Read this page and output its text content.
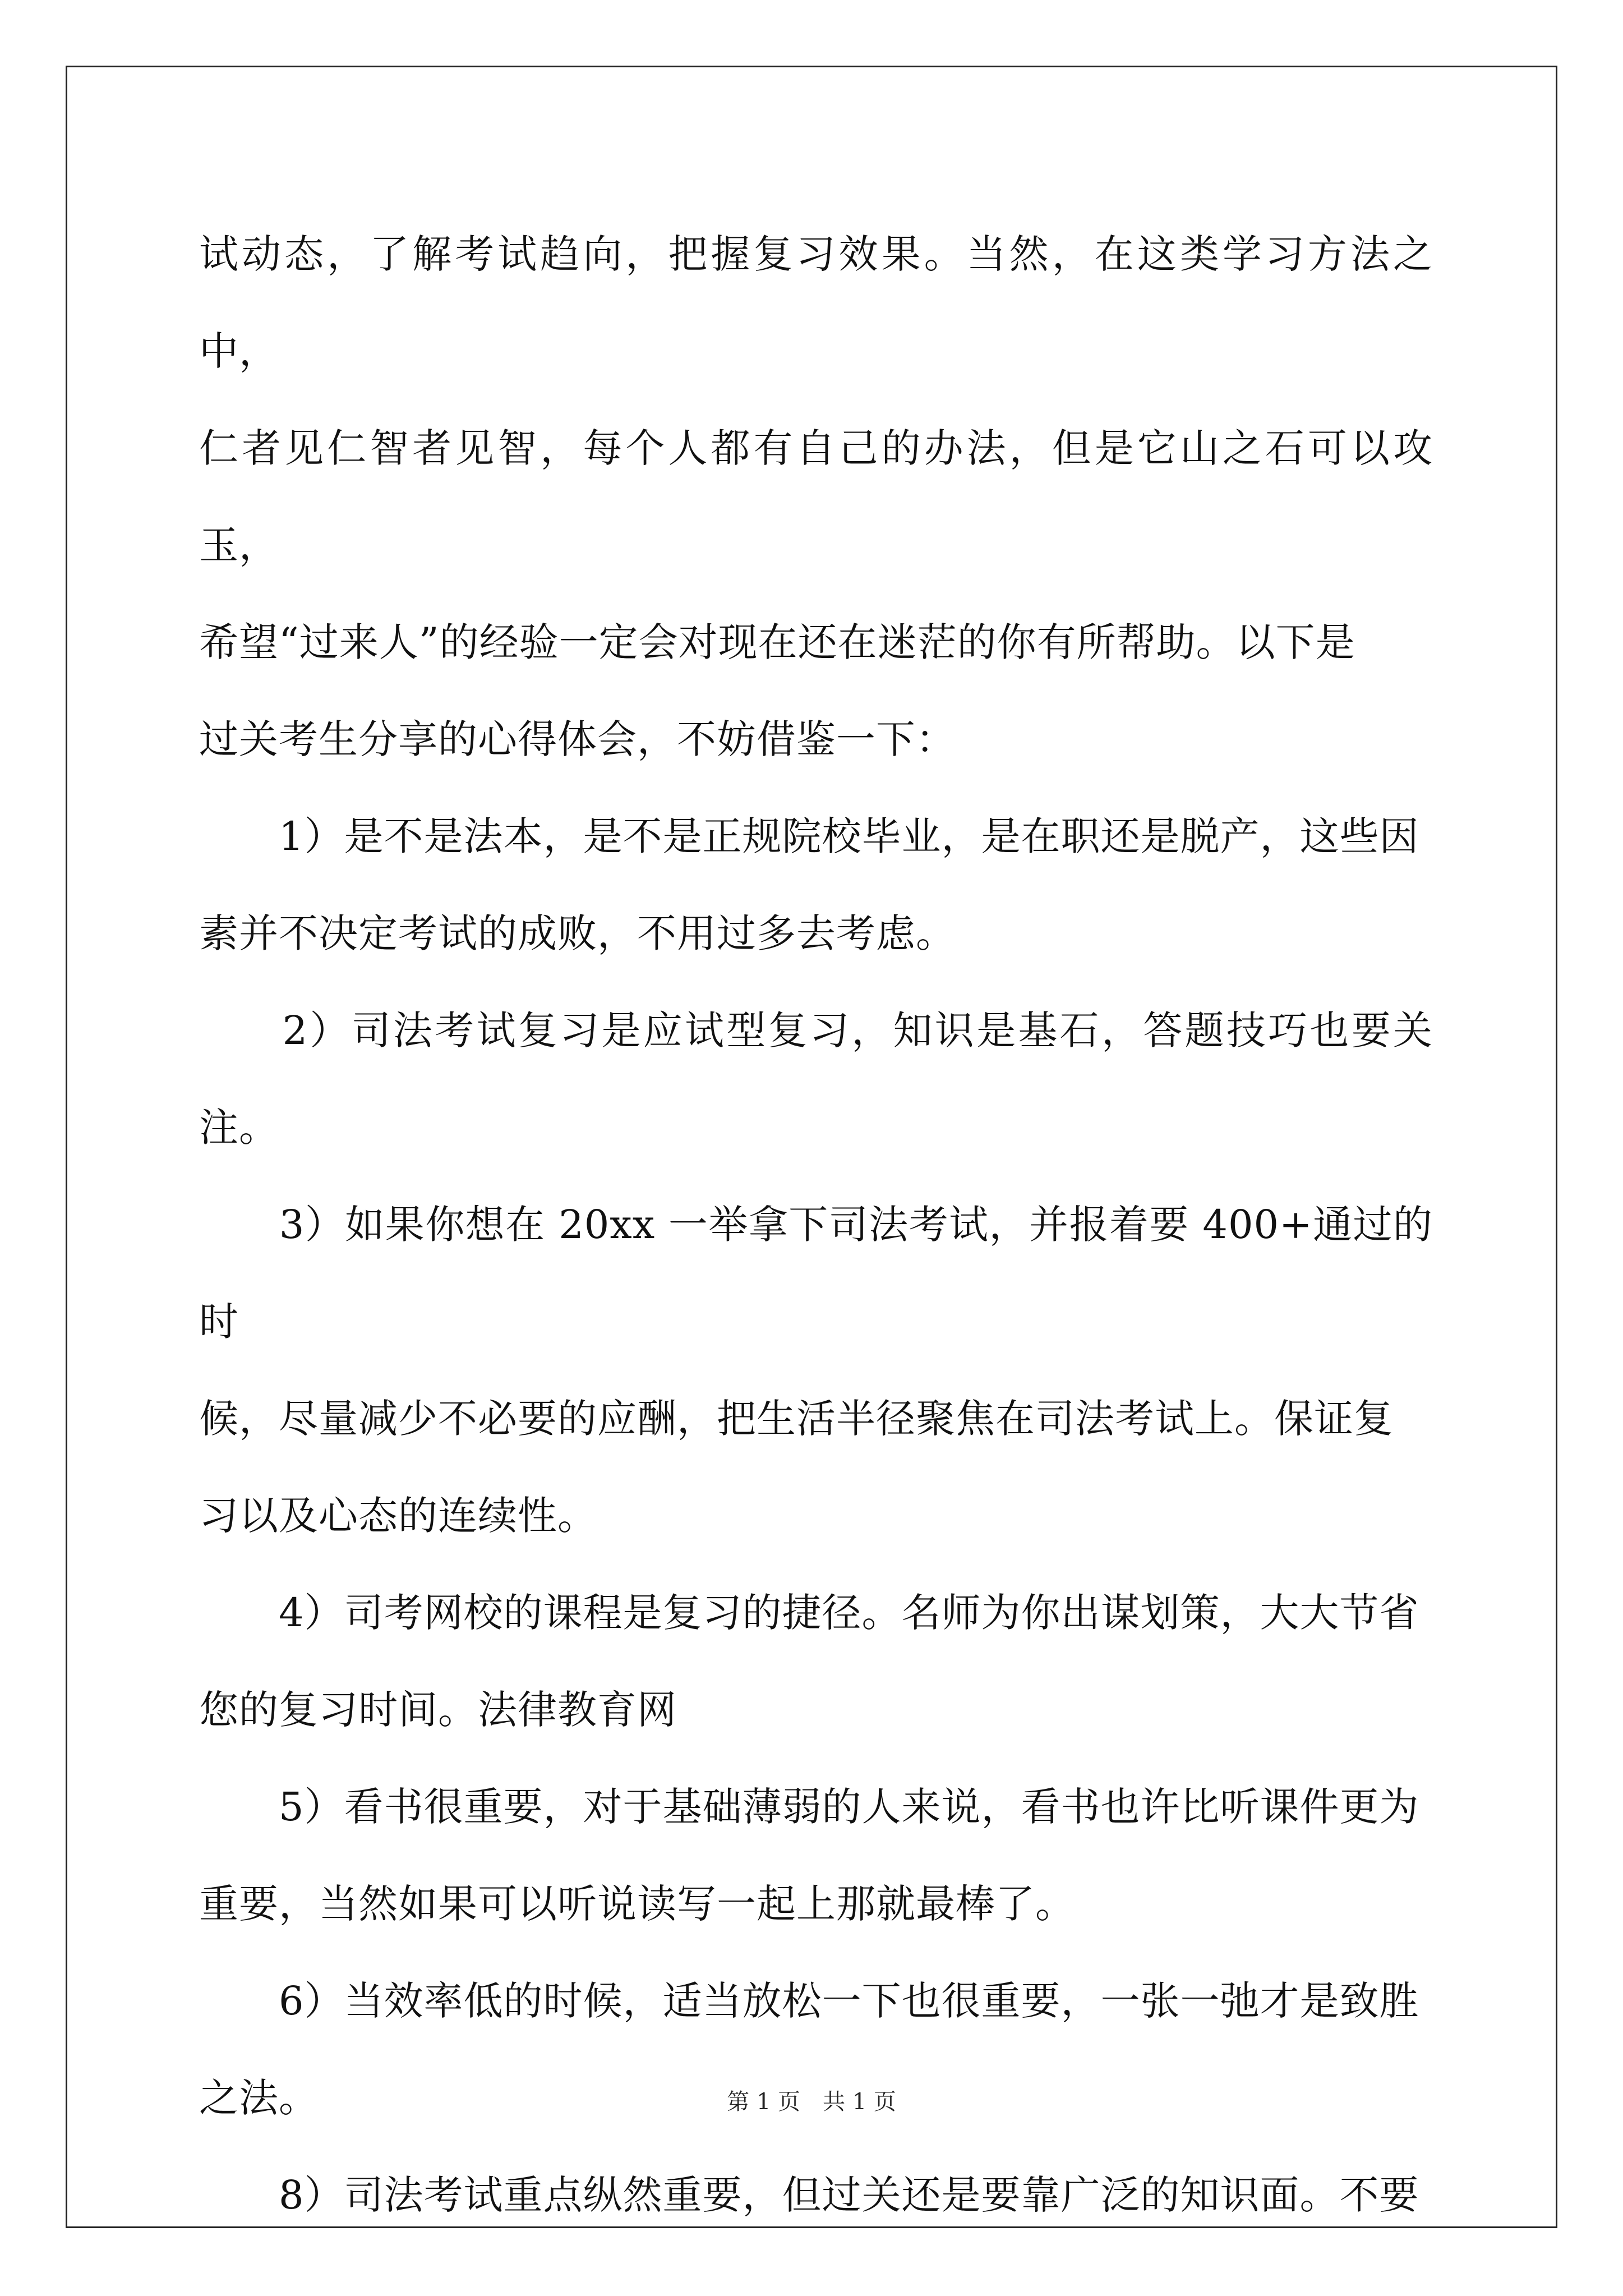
试动态，了解考试趋向，把握复习效果。当然，在这类学习方法之中，
仁者见仁智者见智，每个人都有自己的办法，但是它山之石可以攻玉，
希望“过来人”的经验一定会对现在还在迷茫的你有所帮助。以下是
过关考生分享的心得体会，不妨借鉴一下：

　　1）是不是法本，是不是正规院校毕业，是在职还是脱产，这些因
素并不决定考试的成败，不用过多去考虑。

　　2）司法考试复习是应试型复习，知识是基石，答题技巧也要关注。

　　3）如果你想在 20xx 一举拿下司法考试，并报着要 400+通过的时
候，尽量减少不必要的应酬，把生活半径聚焦在司法考试上。保证复
习以及心态的连续性。

　　4）司考网校的课程是复习的捷径。名师为你出谋划策，大大节省
您的复习时间。法律教育网

　　5）看书很重要，对于基础薄弱的人来说，看书也许比听课件更为
重要，当然如果可以听说读写一起上那就最棒了。

　　6）当效率低的时候，适当放松一下也很重要，一张一弛才是致胜
之法。

　　8）司法考试重点纵然重要，但过关还是要靠广泛的知识面。不要

第 1 页 共 1 页
